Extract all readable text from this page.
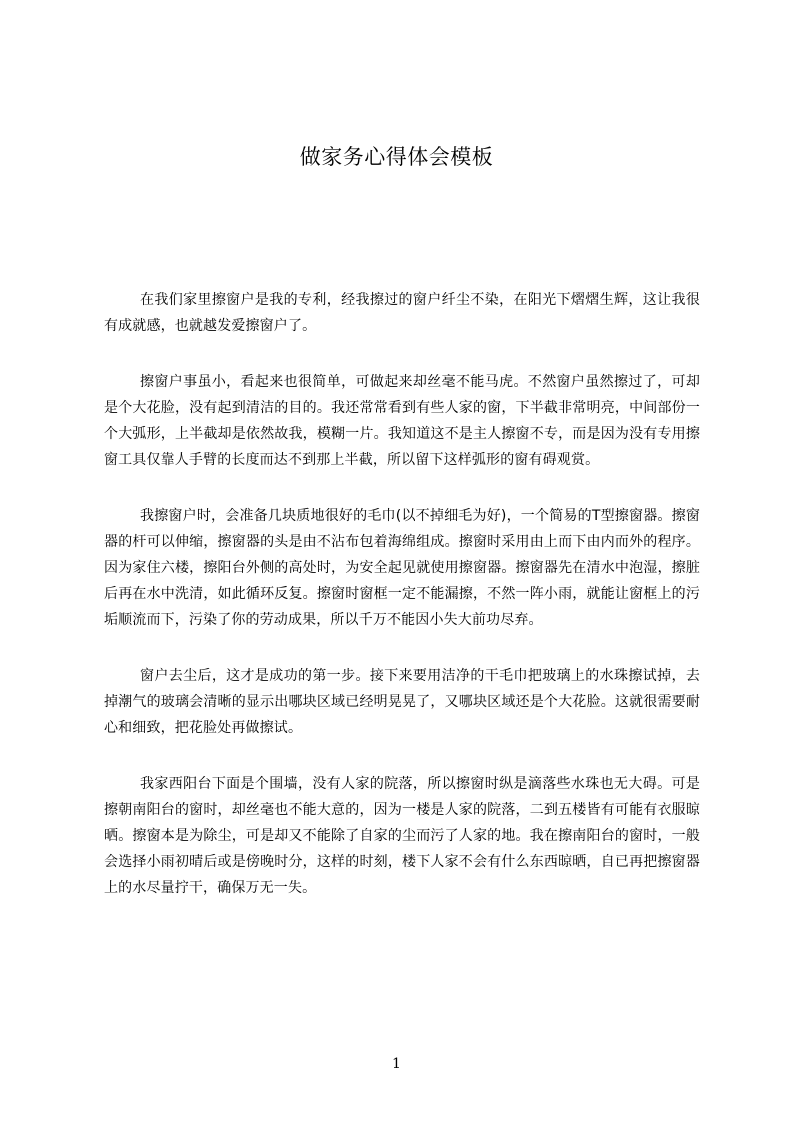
做家务心得体会模板

在我们家里擦窗户是我的专利，经我擦过的窗户纤尘不染，在阳光下熠熠生辉，这让我很有成就感，也就越发爱擦窗户了。

擦窗户事虽小，看起来也很简单，可做起来却丝毫不能马虎。不然窗户虽然擦过了，可却是个大花脸，没有起到清洁的目的。我还常常看到有些人家的窗，下半截非常明亮，中间部份一个大弧形，上半截却是依然故我，模糊一片。我知道这不是主人擦窗不专，而是因为没有专用擦窗工具仅靠人手臂的长度而达不到那上半截，所以留下这样弧形的窗有碍观赏。

我擦窗户时，会准备几块质地很好的毛巾(以不掉细毛为好)，一个简易的T型擦窗器。擦窗器的杆可以伸缩，擦窗器的头是由不沾布包着海绵组成。擦窗时采用由上而下由内而外的程序。因为家住六楼，擦阳台外侧的高处时，为安全起见就使用擦窗器。擦窗器先在清水中泡湿，擦脏后再在水中洗清，如此循环反复。擦窗时窗框一定不能漏擦，不然一阵小雨，就能让窗框上的污垢顺流而下，污染了你的劳动成果，所以千万不能因小失大前功尽弃。

窗户去尘后，这才是成功的第一步。接下来要用洁净的干毛巾把玻璃上的水珠擦试掉，去掉潮气的玻璃会清晰的显示出哪块区域已经明晃晃了，又哪块区域还是个大花脸。这就很需要耐心和细致，把花脸处再做擦试。

我家西阳台下面是个围墙，没有人家的院落，所以擦窗时纵是滴落些水珠也无大碍。可是擦朝南阳台的窗时，却丝毫也不能大意的，因为一楼是人家的院落，二到五楼皆有可能有衣服晾晒。擦窗本是为除尘，可是却又不能除了自家的尘而污了人家的地。我在擦南阳台的窗时，一般会选择小雨初晴后或是傍晚时分，这样的时刻，楼下人家不会有什么东西晾晒，自已再把擦窗器上的水尽量拧干，确保万无一失。

1
